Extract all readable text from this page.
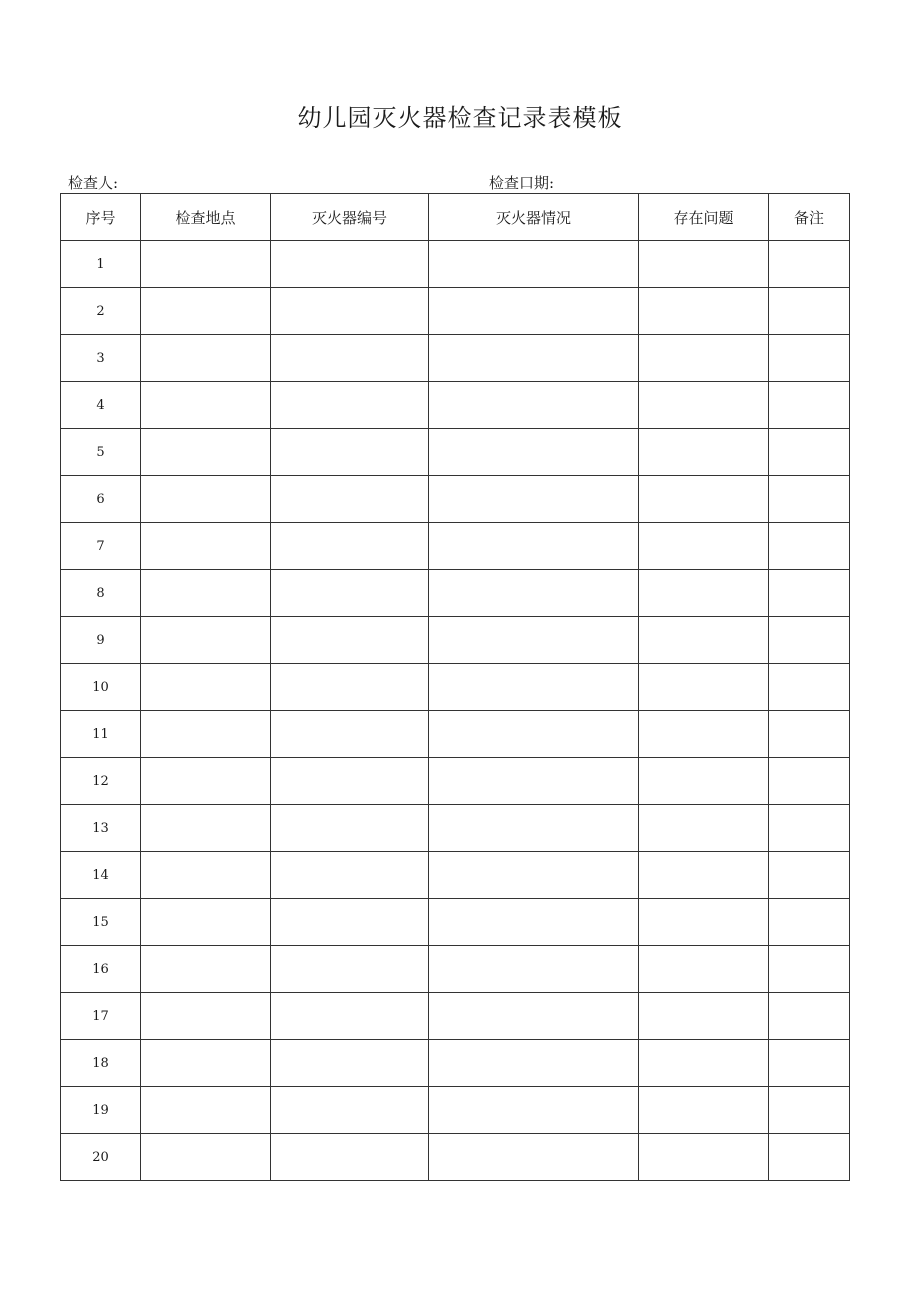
幼儿园灭火器检查记录表模板
检查人:	检查口期:
序号	检查地点	灭火器编号	灭火器情况	存在问题	备注
1					
2					
3					
4					
5					
6					
7					
8					
9					
10					
11					
12					
13					
14					
15					
16					
17					
18					
19					
20					
